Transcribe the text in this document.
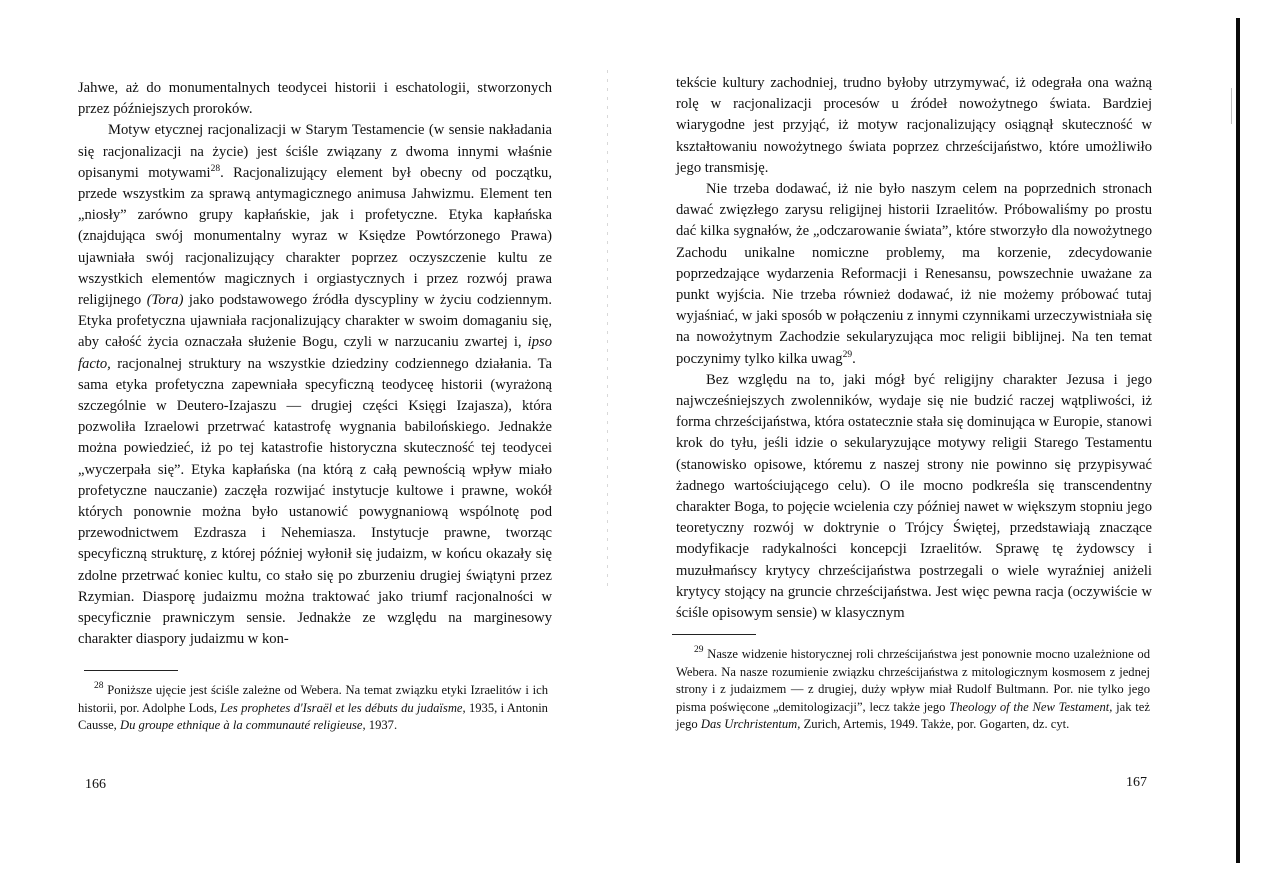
Jahwe, aż do monumentalnych teodycei historii i eschatologii, stworzonych przez późniejszych proroków.

Motyw etycznej racjonalizacji w Starym Testamencie (w sensie nakładania się racjonalizacji na życie) jest ściśle związany z dwoma innymi właśnie opisanymi motywami$^{28}$. Racjonalizujący element był obecny od początku, przede wszystkim za sprawą antymagicznego animusa Jahwizmu. Element ten „niosły” zarówno grupy kapłańskie, jak i profetyczne. Etyka kapłańska (znajdująca swój monumentalny wyraz w Księdze Powtórzonego Prawa) ujawniała swój racjonalizujący charakter poprzez oczyszczenie kultu ze wszystkich elementów magicznych i orgiastycznych i przez rozwój prawa religijnego (Tora) jako podstawowego źródła dyscypliny w życiu codziennym. Etyka profetyczna ujawniała racjonalizujący charakter w swoim domaganiu się, aby całość życia oznaczała służenie Bogu, czyli w narzucaniu zwartej i, ipso facto, racjonalnej struktury na wszystkie dziedziny codziennego działania. Ta sama etyka profetyczna zapewniała specyficzną teodyceę historii (wyrażoną szczególnie w Deutero-Izajaszu — drugiej części Księgi Izajasza), która pozwoliła Izraelowi przetrwać katastrofę wygnania babilońskiego. Jednakże można powiedzieć, iż po tej katastrofie historyczna skuteczność tej teodycei „wyczerpała się”. Etyka kapłańska (na którą z całą pewnością wpływ miało profetyczne nauczanie) zaczęła rozwijać instytucje kultowe i prawne, wokół których ponownie można było ustanowić powygnaniową wspólnotę pod przewodnictwem Ezdrasza i Nehemiasza. Instytucje prawne, tworząc specyficzną strukturę, z której później wyłonił się judaizm, w końcu okazały się zdolne przetrwać koniec kultu, co stało się po zburzeniu drugiej świątyni przez Rzymian. Diasporę judaizmu można traktować jako triumf racjonalności w specyficznie prawniczym sensie. Jednakże ze względu na marginesowy charakter diaspory judaizmu w kon-

$^{28}$ Poniższe ujęcie jest ściśle zależne od Webera. Na temat związku etyki Izraelitów i ich historii, por. Adolphe Lods, Les prophetes d'Israël et les débuts du judaïsme, 1935, i Antonin Causse, Du groupe ethnique à la communauté religieuse, 1937.

166

tekście kultury zachodniej, trudno byłoby utrzymywać, iż odegrała ona ważną rolę w racjonalizacji procesów u źródeł nowożytnego świata. Bardziej wiarygodne jest przyjąć, iż motyw racjonalizujący osiągnął skuteczność w kształtowaniu nowożytnego świata poprzez chrześcijaństwo, które umożliwiło jego transmisję.

Nie trzeba dodawać, iż nie było naszym celem na poprzednich stronach dawać zwięzłego zarysu religijnej historii Izraelitów. Próbowaliśmy po prostu dać kilka sygnałów, że „odczarowanie świata”, które stworzyło dla nowożytnego Zachodu unikalne nomiczne problemy, ma korzenie, zdecydowanie poprzedzające wydarzenia Reformacji i Renesansu, powszechnie uważane za punkt wyjścia. Nie trzeba również dodawać, iż nie możemy próbować tutaj wyjaśniać, w jaki sposób w połączeniu z innymi czynnikami urzeczywistniała się na nowożytnym Zachodzie sekularyzująca moc religii biblijnej. Na ten temat poczynimy tylko kilka uwag$^{29}$.

Bez względu na to, jaki mógł być religijny charakter Jezusa i jego najwcześniejszych zwolenników, wydaje się nie budzić raczej wątpliwości, iż forma chrześcijaństwa, która ostatecznie stała się dominująca w Europie, stanowi krok do tyłu, jeśli idzie o sekularyzujące motywy religii Starego Testamentu (stanowisko opisowe, któremu z naszej strony nie powinno się przypisywać żadnego wartościującego celu). O ile mocno podkreśla się transcendentny charakter Boga, to pojęcie wcielenia czy później nawet w większym stopniu jego teoretyczny rozwój w doktrynie o Trójcy Świętej, przedstawiają znaczące modyfikacje radykalności koncepcji Izraelitów. Sprawę tę żydowscy i muzułmańscy krytycy chrześcijaństwa postrzegali o wiele wyraźniej aniżeli krytycy stojący na gruncie chrześcijaństwa. Jest więc pewna racja (oczywiście w ściśle opisowym sensie) w klasycznym

$^{29}$ Nasze widzenie historycznej roli chrześcijaństwa jest ponownie mocno uzależnione od Webera. Na nasze rozumienie związku chrześcijaństwa z mitologicznym kosmosem z jednej strony i z judaizmem — z drugiej, duży wpływ miał Rudolf Bultmann. Por. nie tylko jego pisma poświęcone „demitologizacji”, lecz także jego Theology of the New Testament, jak też jego Das Urchristentum, Zurich, Artemis, 1949. Także, por. Gogarten, dz. cyt.

167
